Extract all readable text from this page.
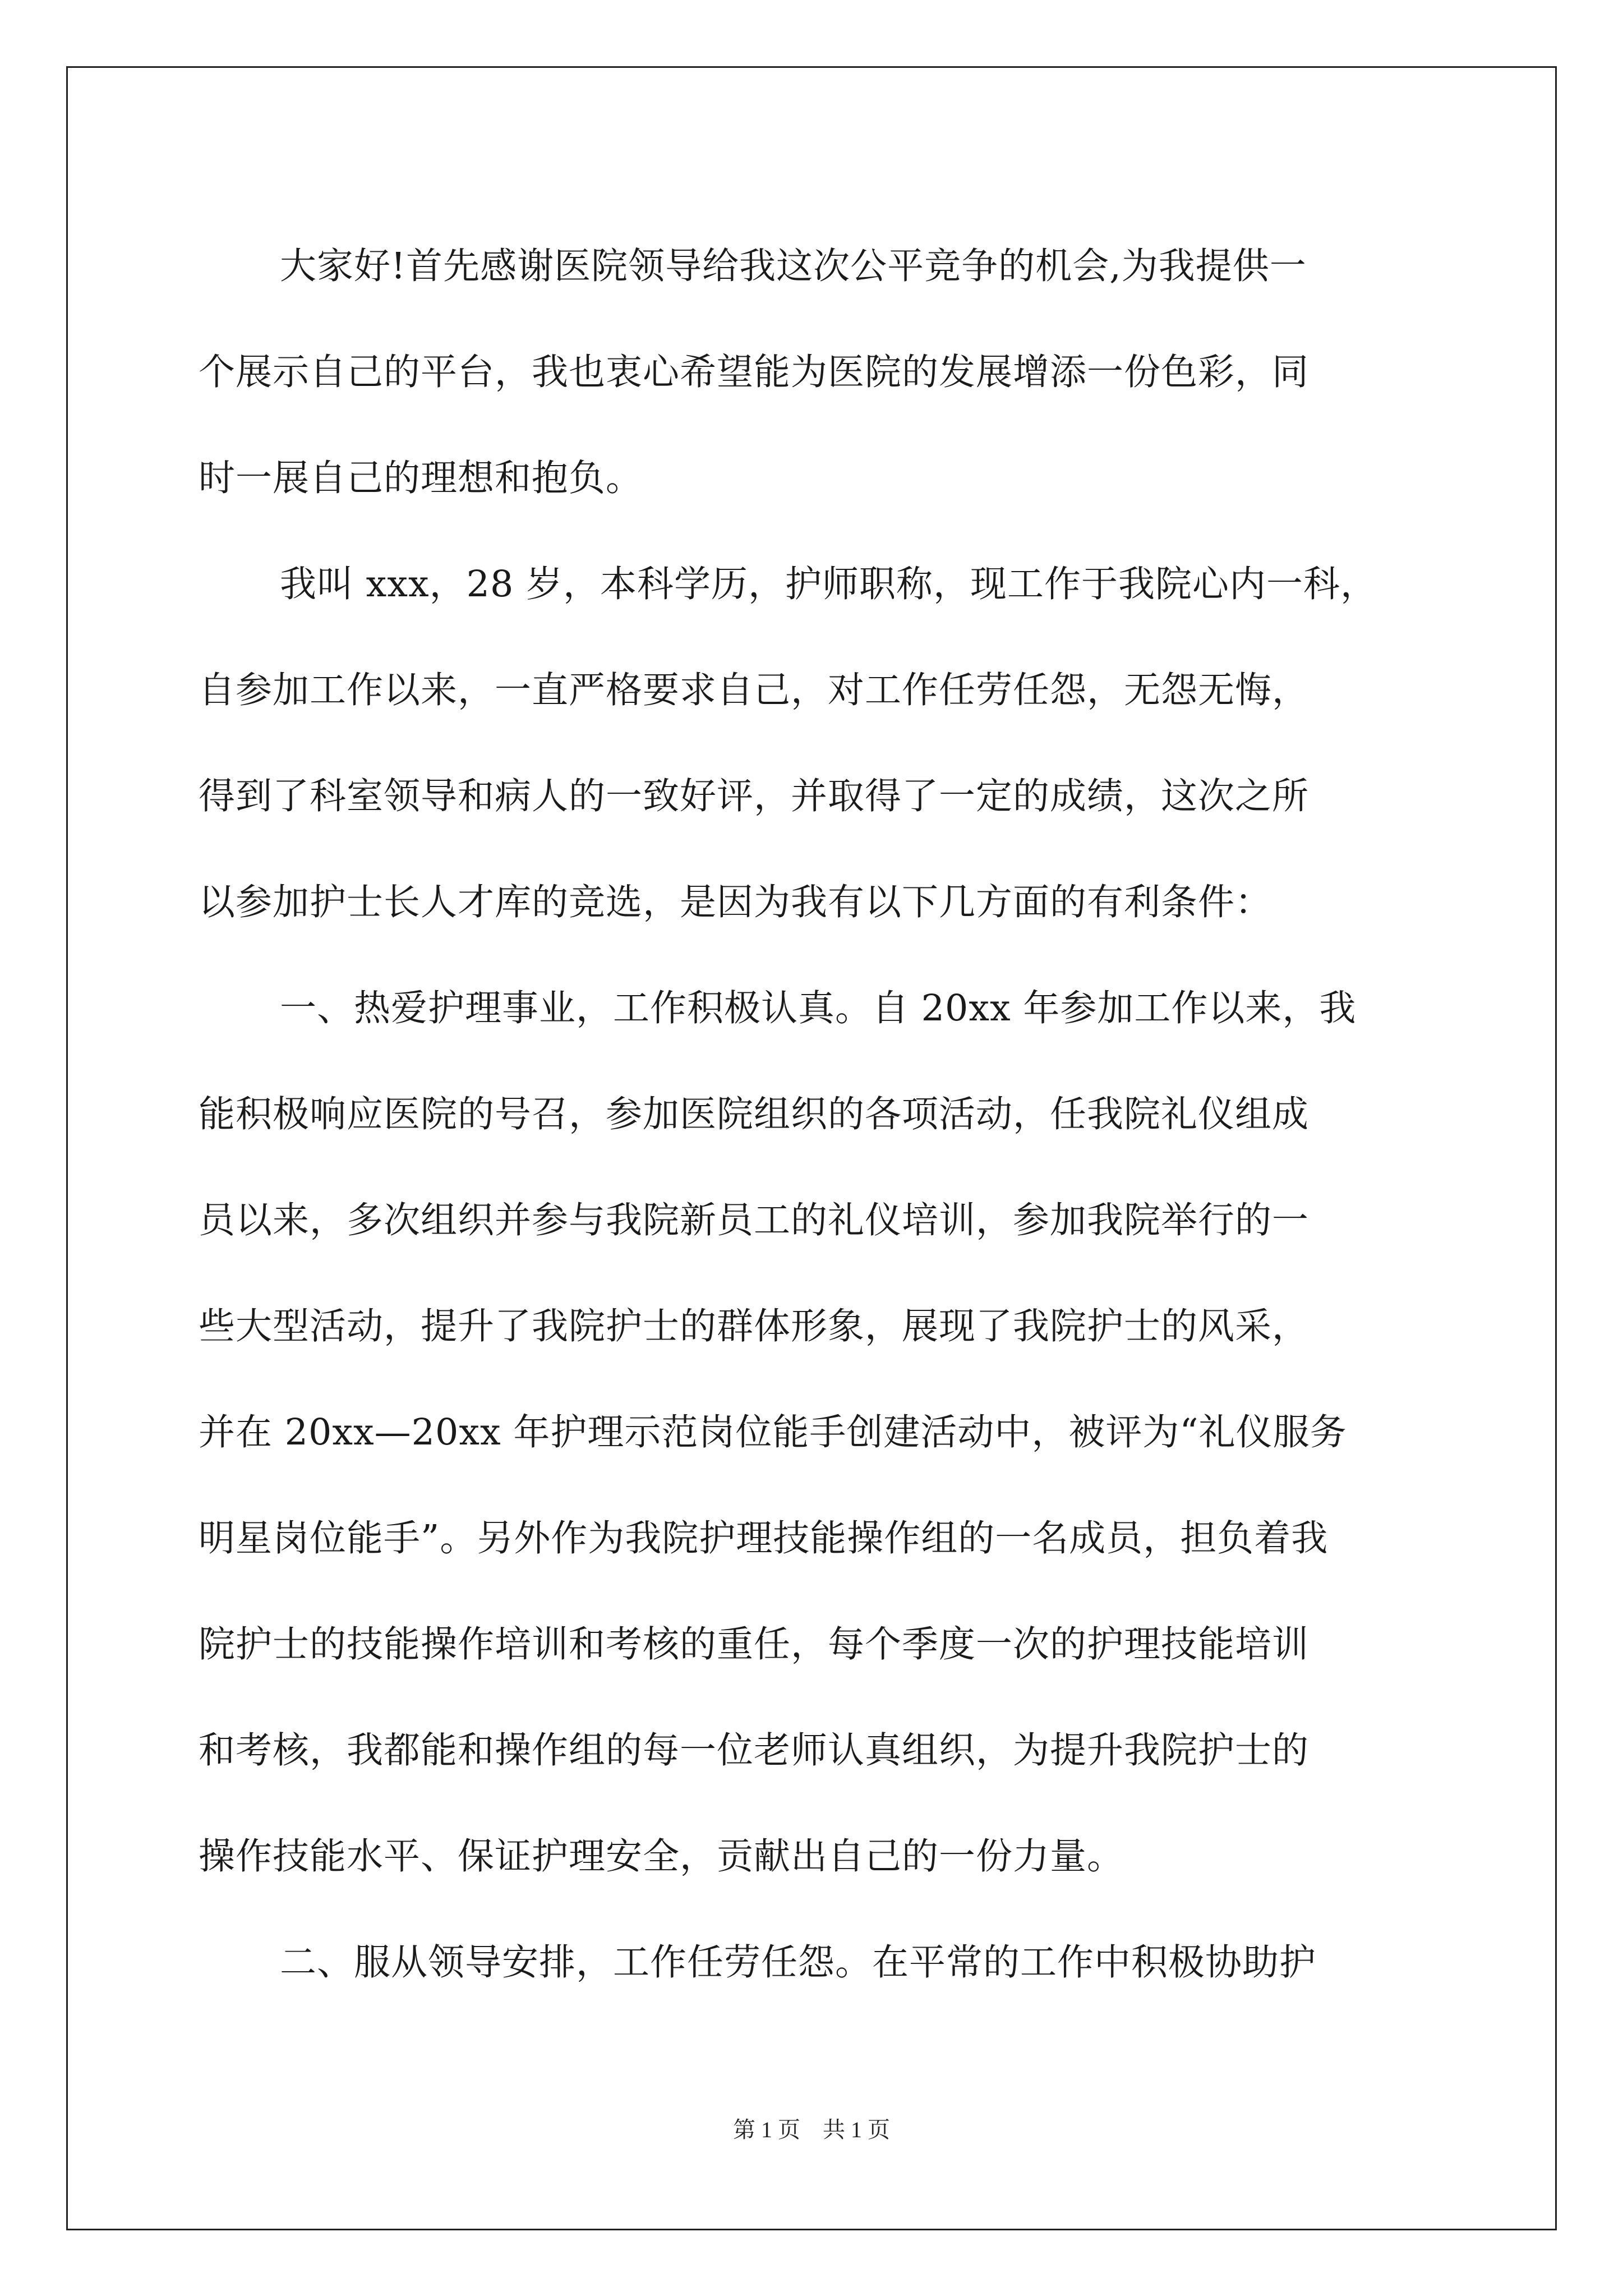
大家好!首先感谢医院领导给我这次公平竞争的机会,为我提供一
个展示自己的平台，我也衷心希望能为医院的发展增添一份色彩，同
时一展自己的理想和抱负。

我叫 xxx，28 岁，本科学历，护师职称，现工作于我院心内一科，
自参加工作以来，一直严格要求自己，对工作任劳任怨，无怨无悔，
得到了科室领导和病人的一致好评，并取得了一定的成绩，这次之所
以参加护士长人才库的竞选，是因为我有以下几方面的有利条件：

一、热爱护理事业，工作积极认真。自 20xx 年参加工作以来，我
能积极响应医院的号召，参加医院组织的各项活动，任我院礼仪组成
员以来，多次组织并参与我院新员工的礼仪培训，参加我院举行的一
些大型活动，提升了我院护士的群体形象，展现了我院护士的风采，
并在 20xx—20xx 年护理示范岗位能手创建活动中，被评为“礼仪服务
明星岗位能手”。另外作为我院护理技能操作组的一名成员，担负着我
院护士的技能操作培训和考核的重任，每个季度一次的护理技能培训
和考核，我都能和操作组的每一位老师认真组织，为提升我院护士的
操作技能水平、保证护理安全，贡献出自己的一份力量。

二、服从领导安排，工作任劳任怨。在平常的工作中积极协助护

第 1 页　共 1 页
